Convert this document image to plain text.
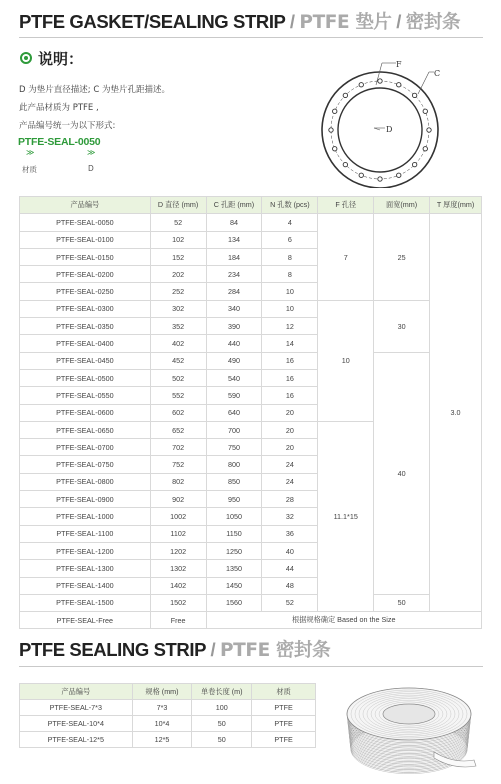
PTFE GASKET/SEALING STRIP / PTFE 垫片 / 密封条
说明：
D 为垫片直径描述; C 为垫片孔距描述。
此产品材质为 PTFE ,
产品编号统一为以下形式:
PTFE-SEAL-0050
≫	≫
材质	D
F
C
D
产品编号	D 直径 (mm)	C 孔距 (mm)	N 孔数 (pcs)	F 孔径	面宽(mm)	T 厚度(mm)
PTFE-SEAL-0050	52	84	4	7	25	3.0
PTFE-SEAL-0100	102	134	6			
PTFE-SEAL-0150	152	184	8			
PTFE-SEAL-0200	202	234	8			
PTFE-SEAL-0250	252	284	10			
PTFE-SEAL-0300	302	340	10	10	30	
PTFE-SEAL-0350	352	390	12			
PTFE-SEAL-0400	402	440	14			
PTFE-SEAL-0450	452	490	16		40	
PTFE-SEAL-0500	502	540	16			
PTFE-SEAL-0550	552	590	16			
PTFE-SEAL-0600	602	640	20			
PTFE-SEAL-0650	652	700	20	11.1*15		
PTFE-SEAL-0700	702	750	20			
PTFE-SEAL-0750	752	800	24			
PTFE-SEAL-0800	802	850	24			
PTFE-SEAL-0900	902	950	28			
PTFE-SEAL-1000	1002	1050	32			
PTFE-SEAL-1100	1102	1150	36			
PTFE-SEAL-1200	1202	1250	40			
PTFE-SEAL-1300	1302	1350	44			
PTFE-SEAL-1400	1402	1450	48			
PTFE-SEAL-1500	1502	1560	52		50	
PTFE-SEAL-Free	Free	根据规格确定 Based on the Size				
PTFE SEALING STRIP / PTFE 密封条
产品编号	规格 (mm)	单卷长度 (m)	材质
PTFE-SEAL-7*3	7*3	100	PTFE
PTFE-SEAL-10*4	10*4	50	PTFE
PTFE-SEAL-12*5	12*5	50	PTFE
